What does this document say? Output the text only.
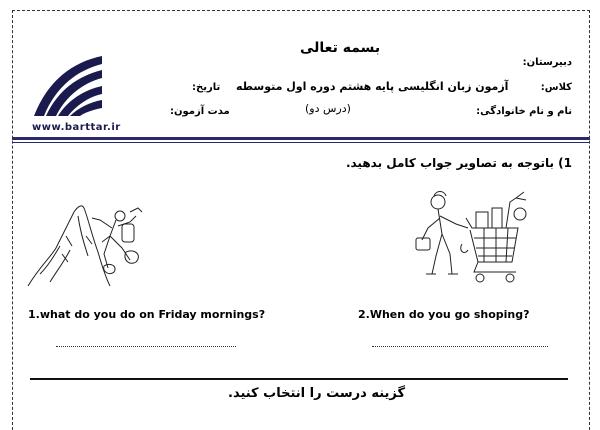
www.barttar.ir
بسمه تعالی
آزمون زبان انگلیسی پایه هشتم دوره اول متوسطه
(درس دو)
دبیرستان:
کلاس:
نام و نام خانوادگی:
تاریخ:
مدت آزمون:
1) باتوجه به تصاویر جواب کامل بدهید.
1.what do you do on Friday mornings?	2.When do you go shoping?
گزینه درست را انتخاب کنید.
